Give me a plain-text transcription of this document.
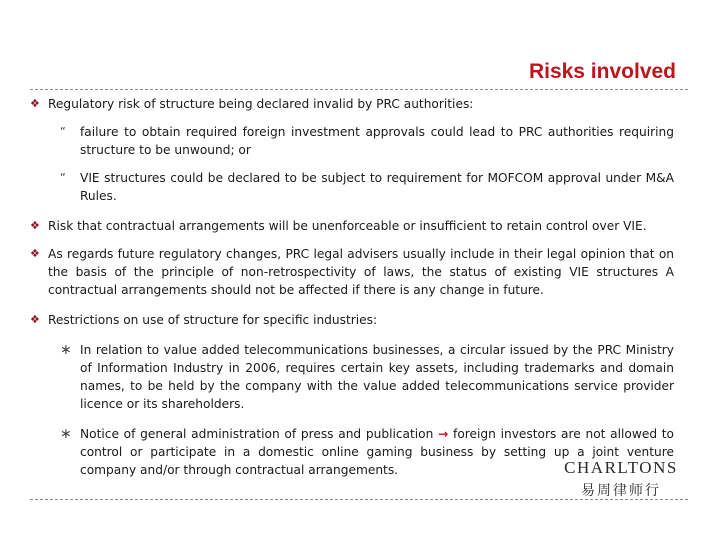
Risks involved
❖ Regulatory risk of structure being declared invalid by PRC authorities:
“ failure to obtain required foreign investment approvals could lead to PRC authorities requiring structure to be unwound; or
“ VIE structures could be declared to be subject to requirement for MOFCOM approval under M&A Rules.
❖ Risk that contractual arrangements will be unenforceable or insufficient to retain control over VIE.
❖ As regards future regulatory changes, PRC legal advisers usually include in their legal opinion that on the basis of the principle of non-retrospectivity of laws, the status of existing VIE structures A contractual arrangements should not be affected if there is any change in future.
❖ Restrictions on use of structure for specific industries:
∗ In relation to value added telecommunications businesses, a circular issued by the PRC Ministry of Information Industry in 2006, requires certain key assets, including trademarks and domain names, to be held by the company with the value added telecommunications service provider licence or its shareholders.
∗ Notice of general administration of press and publication → foreign investors are not allowed to control or participate in a domestic online gaming business by setting up a joint venture company and/or through contractual arrangements.	CHARLTONS
易周律师行
